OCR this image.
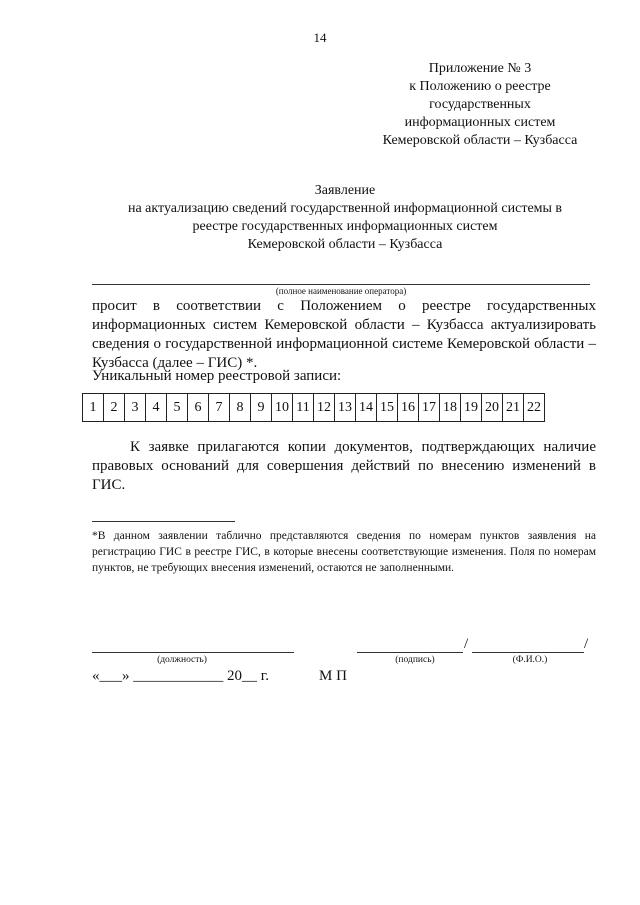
14
Приложение № 3
к Положению о реестре
государственных
информационных систем
Кемеровской области – Кузбасса
Заявление
на актуализацию сведений государственной информационной системы в
реестре государственных информационных систем
Кемеровской области – Кузбасса
(полное наименование оператора)

просит в соответствии с Положением о реестре государственных информационных систем Кемеровской области – Кузбасса актуализировать сведения о государственной информационной системе Кемеровской области – Кузбасса (далее – ГИС) *.

Уникальный номер реестровой записи:
1	2	3	4	5	6	7	8	9	10	11	12	13	14	15	16	17	18	19	20	21	22

К заявке прилагаются копии документов, подтверждающих наличие правовых оснований для совершения действий по внесению изменений в ГИС.

*В данном заявлении таблично представляются сведения по номерам пунктов заявления на регистрацию ГИС в реестре ГИС, в которые внесены соответствующие изменения. Поля по номерам пунктов, не требующих внесения изменений, остаются не заполненными.

(должность)
/	/
(подпись)	(Ф.И.О.)
«___» ____________ 20__ г.	М П
